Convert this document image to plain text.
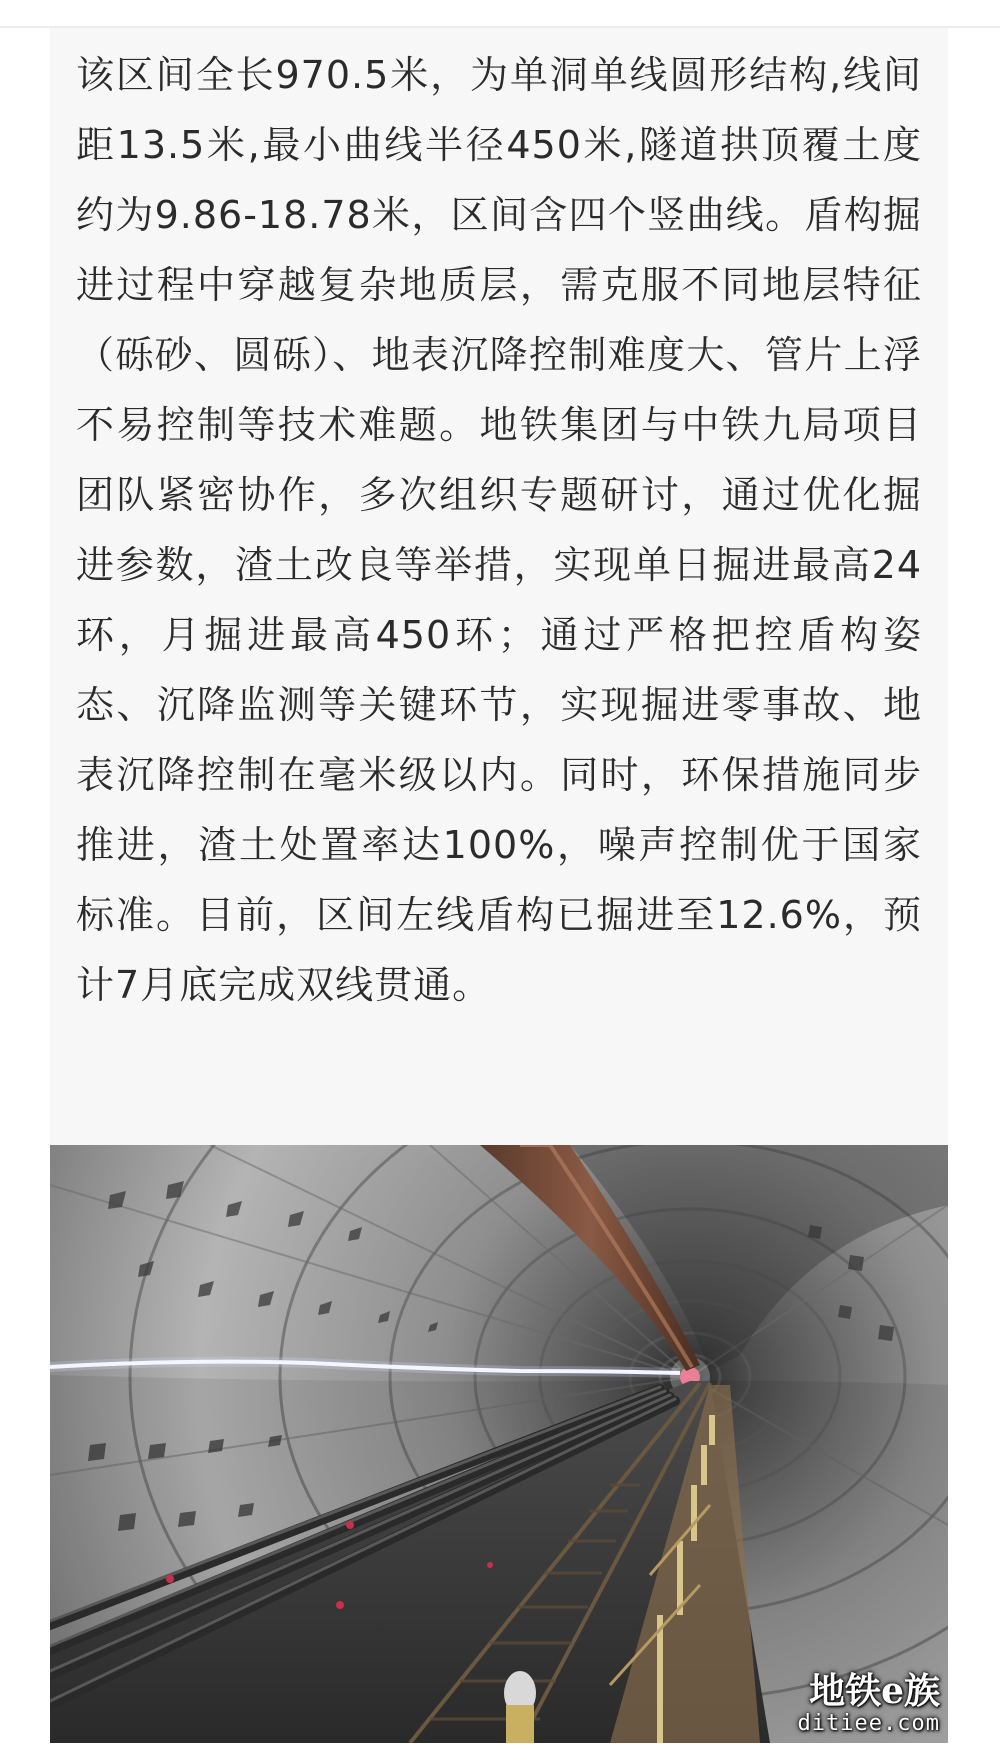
该区间全长970.5米，为单洞单线圆形结构,线间距13.5米,最小曲线半径450米,隧道拱顶覆土度约为9.86-18.78米，区间含四个竖曲线。盾构掘进过程中穿越复杂地质层，需克服不同地层特征（砾砂、圆砾）、地表沉降控制难度大、管片上浮不易控制等技术难题。地铁集团与中铁九局项目团队紧密协作，多次组织专题研讨，通过优化掘进参数，渣土改良等举措，实现单日掘进最高24环，月掘进最高450环；通过严格把控盾构姿态、沉降监测等关键环节，实现掘进零事故、地表沉降控制在毫米级以内。同时，环保措施同步推进，渣土处置率达100%，噪声控制优于国家标准。目前，区间左线盾构已掘进至12.6%，预计7月底完成双线贯通。

地铁e族
ditiee.com
